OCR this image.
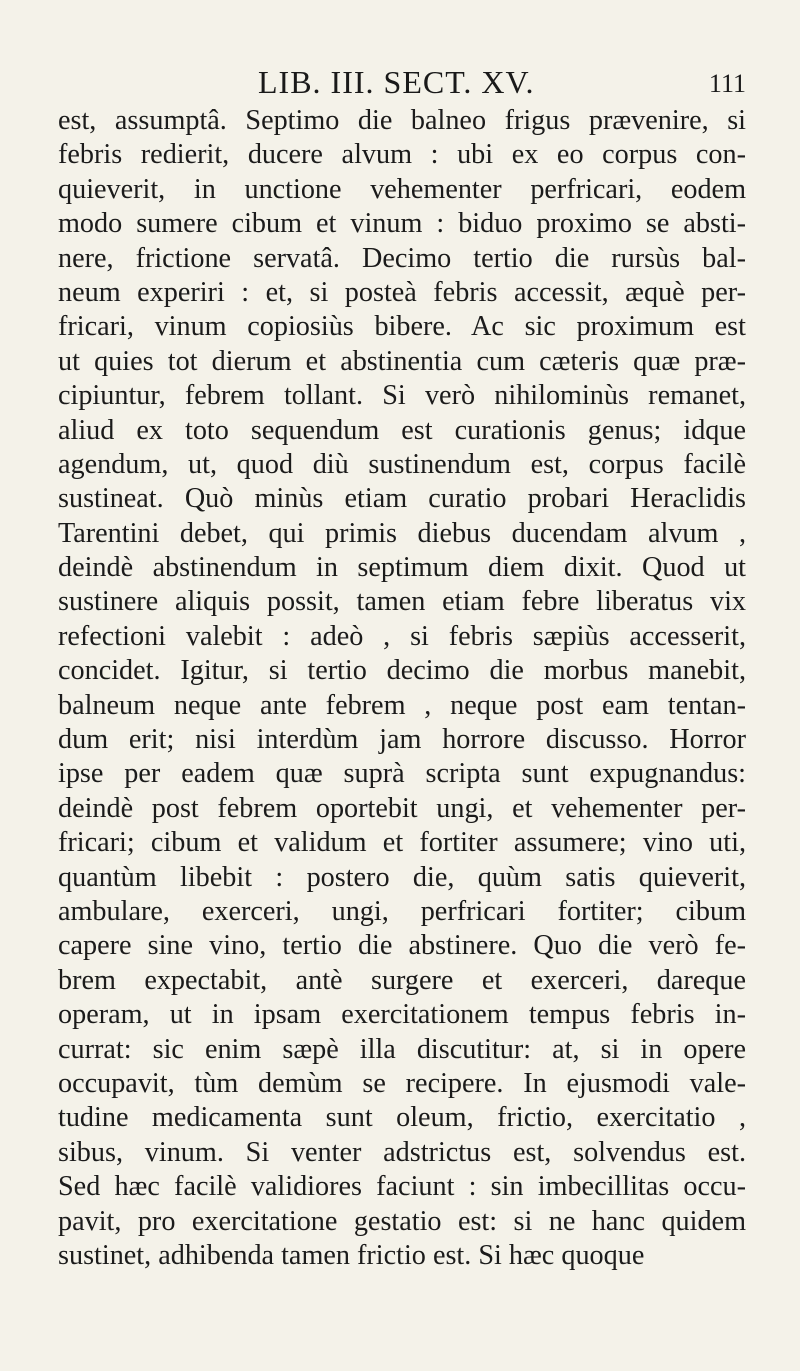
LIB. III. SECT. XV.	111
est, assumptâ. Septimo die balneo frigus prævenire, si
febris redierit, ducere alvum : ubi ex eo corpus con-
quieverit, in unctione vehementer perfricari, eodem
modo sumere cibum et vinum : biduo proximo se absti-
nere, frictione servatâ. Decimo tertio die rursùs bal-
neum experiri : et, si posteà febris accessit, æquè per-
fricari, vinum copiosiùs bibere. Ac sic proximum est
ut quies tot dierum et abstinentia cum cæteris quæ præ-
cipiuntur, febrem tollant. Si verò nihilominùs remanet,
aliud ex toto sequendum est curationis genus; idque
agendum, ut, quod diù sustinendum est, corpus facilè
sustineat. Quò minùs etiam curatio probari Heraclidis
Tarentini debet, qui primis diebus ducendam alvum ,
deindè abstinendum in septimum diem dixit. Quod ut
sustinere aliquis possit, tamen etiam febre liberatus vix
refectioni valebit : adeò , si febris sæpiùs accesserit,
concidet. Igitur, si tertio decimo die morbus manebit,
balneum neque ante febrem , neque post eam tentan-
dum erit; nisi interdùm jam horrore discusso. Horror
ipse per eadem quæ suprà scripta sunt expugnandus:
deindè post febrem oportebit ungi, et vehementer per-
fricari; cibum et validum et fortiter assumere; vino uti,
quantùm libebit : postero die, quùm satis quieverit,
ambulare, exerceri, ungi, perfricari fortiter; cibum
capere sine vino, tertio die abstinere. Quo die verò fe-
brem expectabit, antè surgere et exerceri, dareque
operam, ut in ipsam exercitationem tempus febris in-
currat: sic enim sæpè illa discutitur: at, si in opere
occupavit, tùm demùm se recipere. In ejusmodi vale-
tudine medicamenta sunt oleum, frictio, exercitatio ,
sibus, vinum. Si venter adstrictus est, solvendus est.
Sed hæc facilè validiores faciunt : sin imbecillitas occu-
pavit, pro exercitatione gestatio est: si ne hanc quidem
sustinet, adhibenda tamen frictio est. Si hæc quoque
